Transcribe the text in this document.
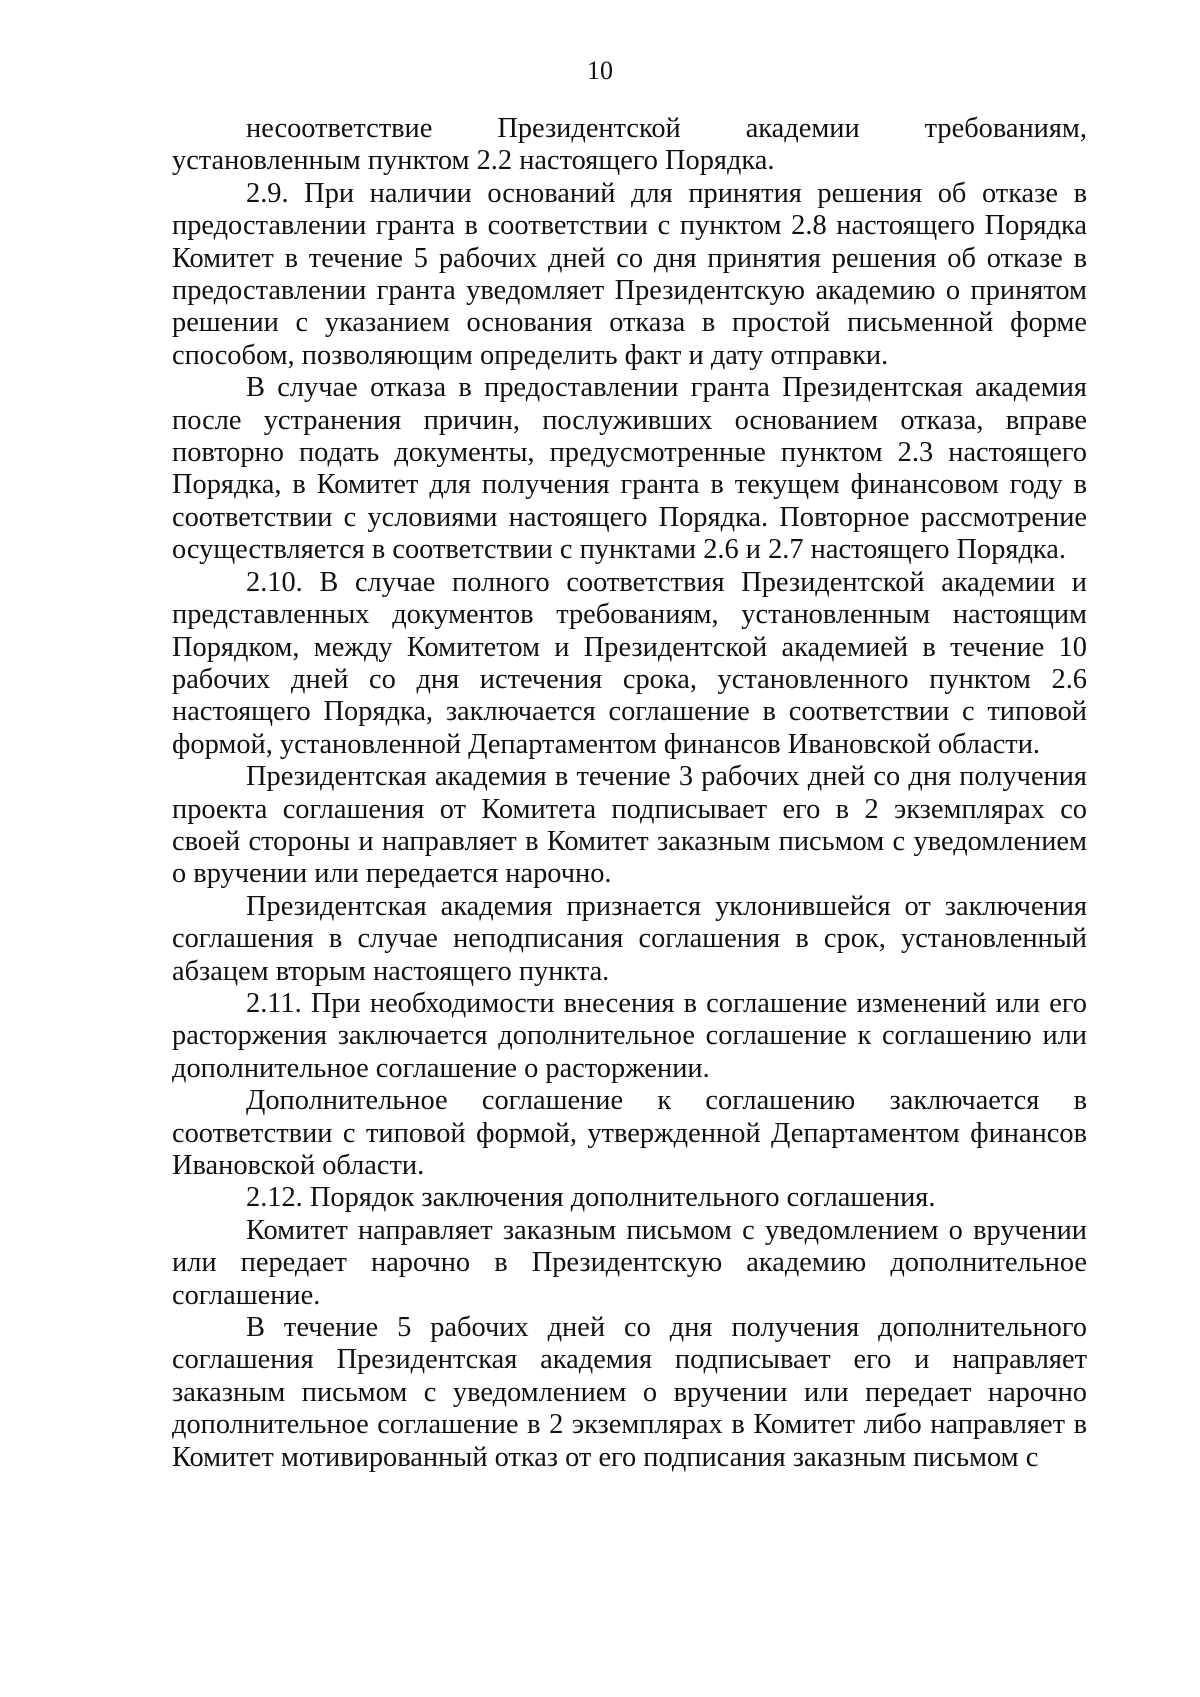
10

несоответствие Президентской академии требованиям, установленным пунктом 2.2 настоящего Порядка.

2.9. При наличии оснований для принятия решения об отказе в предоставлении гранта в соответствии с пунктом 2.8 настоящего Порядка Комитет в течение 5 рабочих дней со дня принятия решения об отказе в предоставлении гранта уведомляет Президентскую академию о принятом решении с указанием основания отказа в простой письменной форме способом, позволяющим определить факт и дату отправки.

В случае отказа в предоставлении гранта Президентская академия после устранения причин, послуживших основанием отказа, вправе повторно подать документы, предусмотренные пунктом 2.3 настоящего Порядка, в Комитет для получения гранта в текущем финансовом году в соответствии с условиями настоящего Порядка. Повторное рассмотрение осуществляется в соответствии с пунктами 2.6 и 2.7 настоящего Порядка.

2.10. В случае полного соответствия Президентской академии и представленных документов требованиям, установленным настоящим Порядком, между Комитетом и Президентской академией в течение 10 рабочих дней со дня истечения срока, установленного пунктом 2.6 настоящего Порядка, заключается соглашение в соответствии с типовой формой, установленной Департаментом финансов Ивановской области.

Президентская академия в течение 3 рабочих дней со дня получения проекта соглашения от Комитета подписывает его в 2 экземплярах со своей стороны и направляет в Комитет заказным письмом с уведомлением о вручении или передается нарочно.

Президентская академия признается уклонившейся от заключения соглашения в случае неподписания соглашения в срок, установленный абзацем вторым настоящего пункта.

2.11. При необходимости внесения в соглашение изменений или его расторжения заключается дополнительное соглашение к соглашению или дополнительное соглашение о расторжении.

Дополнительное соглашение к соглашению заключается в соответствии с типовой формой, утвержденной Департаментом финансов Ивановской области.

2.12. Порядок заключения дополнительного соглашения.

Комитет направляет заказным письмом с уведомлением о вручении или передает нарочно в Президентскую академию дополнительное соглашение.

В течение 5 рабочих дней со дня получения дополнительного соглашения Президентская академия подписывает его и направляет заказным письмом с уведомлением о вручении или передает нарочно дополнительное соглашение в 2 экземплярах в Комитет либо направляет в Комитет мотивированный отказ от его подписания заказным письмом с
